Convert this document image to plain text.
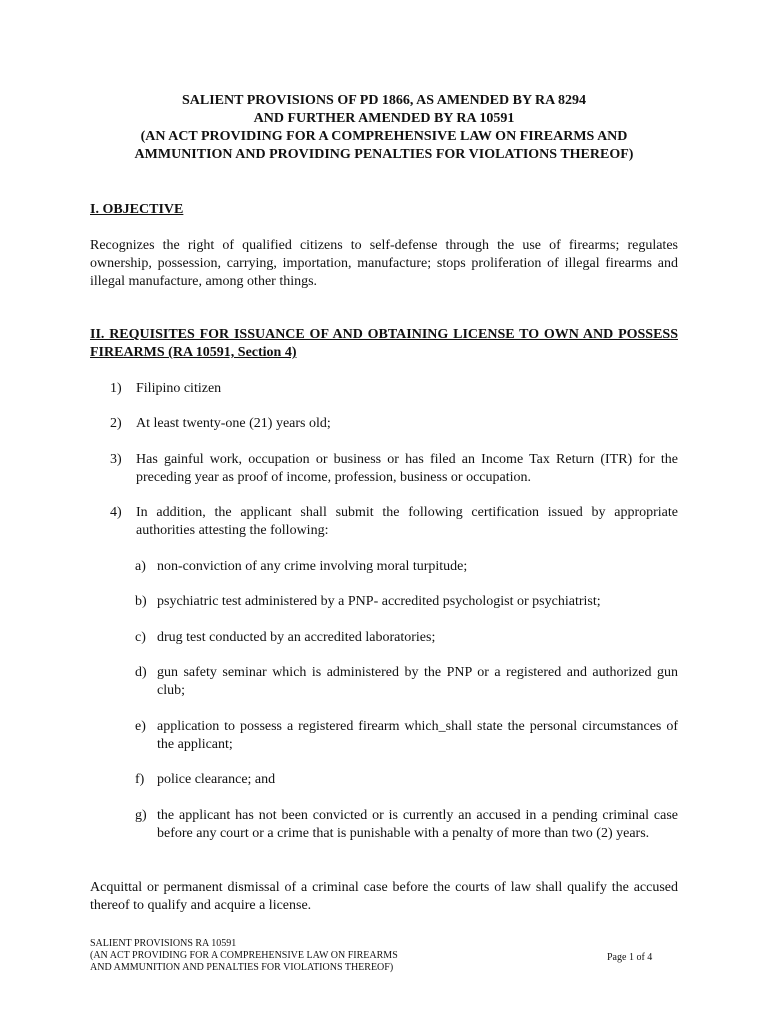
SALIENT PROVISIONS OF PD 1866, AS AMENDED BY RA 8294
AND FURTHER AMENDED BY RA 10591
(AN ACT PROVIDING FOR A COMPREHENSIVE LAW ON FIREARMS AND
AMMUNITION AND PROVIDING PENALTIES FOR VIOLATIONS THEREOF)
I. OBJECTIVE
Recognizes the right of qualified citizens to self-defense through the use of firearms; regulates ownership, possession, carrying, importation, manufacture; stops proliferation of illegal firearms and illegal manufacture, among other things.
II. REQUISITES FOR ISSUANCE OF AND OBTAINING LICENSE TO OWN AND POSSESS FIREARMS (RA 10591, Section 4)
1)	Filipino citizen
2)	At least twenty-one (21) years old;
3)	Has gainful work, occupation or business or has filed an Income Tax Return (ITR) for the preceding year as proof of income, profession, business or occupation.
4)	In addition, the applicant shall submit the following certification issued by appropriate authorities attesting the following:
a) non-conviction of any crime involving moral turpitude;
b) psychiatric test administered by a PNP- accredited psychologist or psychiatrist;
c) drug test conducted by an accredited laboratories;
d) gun safety seminar which is administered by the PNP or a registered and authorized gun club;
e) application to possess a registered firearm which_shall state the personal circumstances of the applicant;
f) police clearance; and
g) the applicant has not been convicted or is currently an accused in a pending criminal case before any court or a crime that is punishable with a penalty of more than two (2) years.
Acquittal or permanent dismissal of a criminal case before the courts of law shall qualify the accused thereof to qualify and acquire a license.
SALIENT PROVISIONS RA 10591
(AN ACT PROVIDING FOR A COMPREHENSIVE LAW ON FIREARMS
AND AMMUNITION AND PENALTIES FOR VIOLATIONS THEREOF)
Page 1 of 4
